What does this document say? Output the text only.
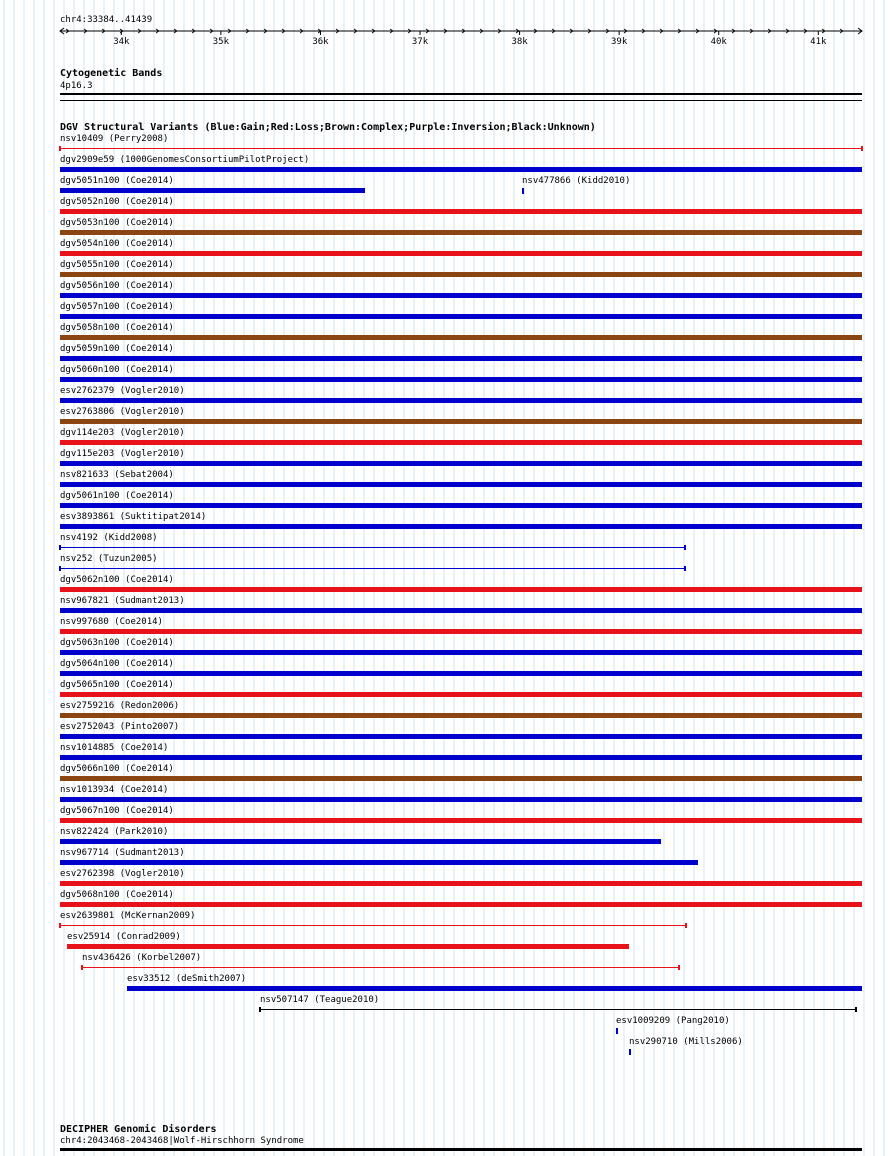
chr4:33384..41439
34k	35k	36k	37k	38k	39k	40k	41k
Cytogenetic Bands
4p16.3
DGV Structural Variants (Blue:Gain;Red:Loss;Brown:Complex;Purple:Inversion;Black:Unknown)
nsv10409 (Perry2008)
dgv2909e59 (1000GenomesConsortiumPilotProject)
dgv5051n100 (Coe2014)	nsv477866 (Kidd2010)
dgv5052n100 (Coe2014)
dgv5053n100 (Coe2014)
dgv5054n100 (Coe2014)
dgv5055n100 (Coe2014)
dgv5056n100 (Coe2014)
dgv5057n100 (Coe2014)
dgv5058n100 (Coe2014)
dgv5059n100 (Coe2014)
dgv5060n100 (Coe2014)
esv2762379 (Vogler2010)
esv2763806 (Vogler2010)
dgv114e203 (Vogler2010)
dgv115e203 (Vogler2010)
nsv821633 (Sebat2004)
dgv5061n100 (Coe2014)
esv3893861 (Suktitipat2014)
nsv4192 (Kidd2008)
nsv252 (Tuzun2005)
dgv5062n100 (Coe2014)
nsv967821 (Sudmant2013)
nsv997680 (Coe2014)
dgv5063n100 (Coe2014)
dgv5064n100 (Coe2014)
dgv5065n100 (Coe2014)
esv2759216 (Redon2006)
esv2752043 (Pinto2007)
nsv1014885 (Coe2014)
dgv5066n100 (Coe2014)
nsv1013934 (Coe2014)
dgv5067n100 (Coe2014)
nsv822424 (Park2010)
nsv967714 (Sudmant2013)
esv2762398 (Vogler2010)
dgv5068n100 (Coe2014)
esv2639801 (McKernan2009)
esv25914 (Conrad2009)
nsv436426 (Korbel2007)
esv33512 (deSmith2007)
nsv507147 (Teague2010)
esv1009209 (Pang2010)
nsv290710 (Mills2006)
DECIPHER Genomic Disorders
chr4:2043468-2043468|Wolf-Hirschhorn Syndrome
